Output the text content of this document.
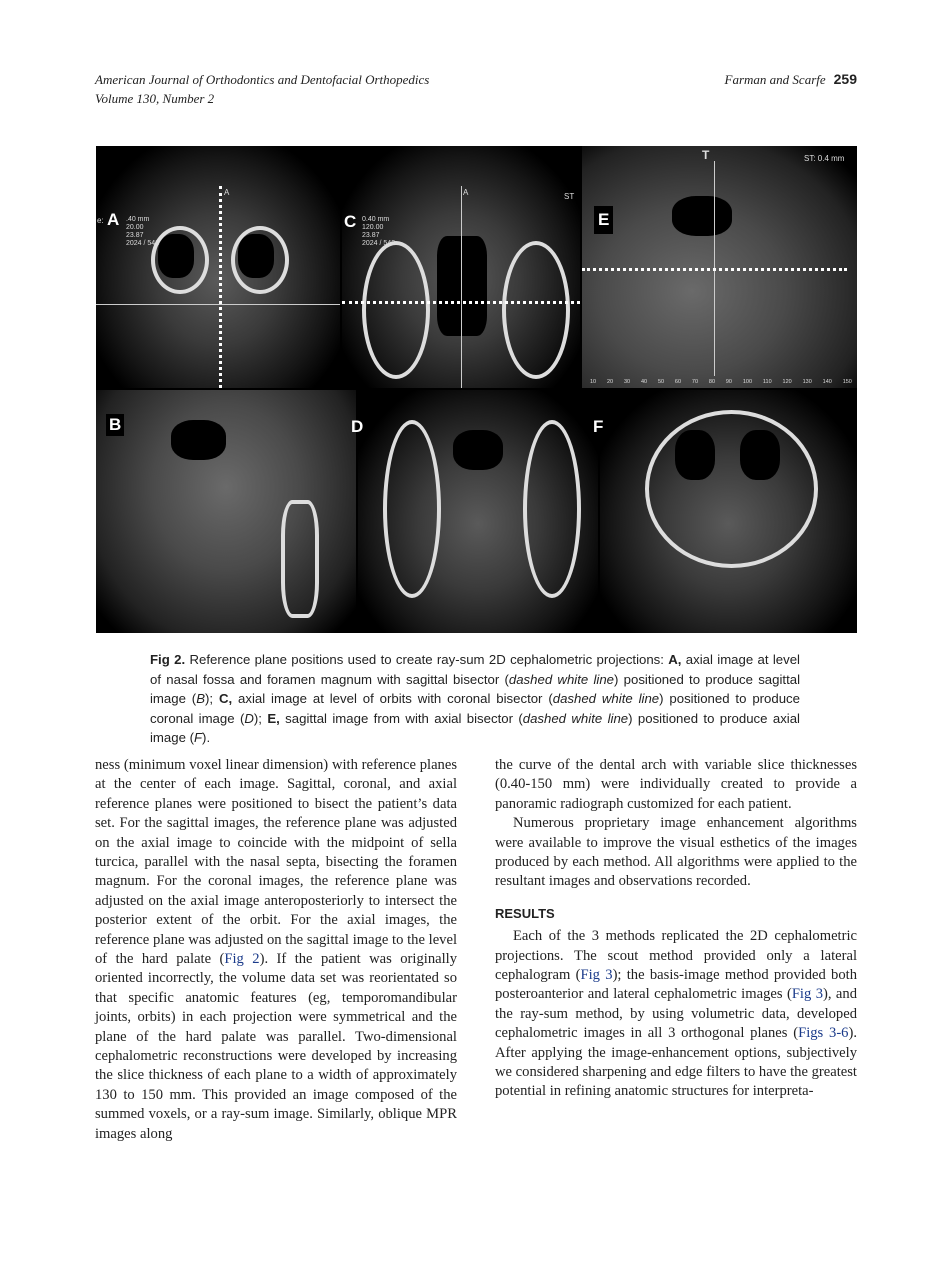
American Journal of Orthodontics and Dentofacial Orthopedics
Volume 130, Number 2
Farman and Scarfe 259
A
e: A .40 mm
20.00
23.87
2024 / 542
A	ST
C 0.40 mm
120.00
23.87
2024 / 542
T	ST: 0.4 mm
E
10 20 30 40 50 60 70 80 90 100 110 120 130 140 150
B	D	F
Fig 2. Reference plane positions used to create ray-sum 2D cephalometric projections: A, axial image at level of nasal fossa and foramen magnum with sagittal bisector (dashed white line) positioned to produce sagittal image (B); C, axial image at level of orbits with coronal bisector (dashed white line) positioned to produce coronal image (D); E, sagittal image from with axial bisector (dashed white line) positioned to produce axial image (F).

ness (minimum voxel linear dimension) with reference planes at the center of each image. Sagittal, coronal, and axial reference planes were positioned to bisect the patient’s data set. For the sagittal images, the reference plane was adjusted on the axial image to coincide with the midpoint of sella turcica, parallel with the nasal septa, bisecting the foramen magnum. For the coronal images, the reference plane was adjusted on the axial image anteroposteriorly to intersect the posterior extent of the orbit. For the axial images, the reference plane was adjusted on the sagittal image to the level of the hard palate (Fig 2). If the patient was originally oriented incorrectly, the volume data set was reorientated so that specific anatomic features (eg, temporomandibular joints, orbits) in each projection were symmetrical and the plane of the hard palate was parallel. Two-dimensional cephalometric reconstructions were developed by increasing the slice thickness of each plane to a width of approximately 130 to 150 mm. This provided an image composed of the summed voxels, or a ray-sum image. Similarly, oblique MPR images along

the curve of the dental arch with variable slice thicknesses (0.40-150 mm) were individually created to provide a panoramic radiograph customized for each patient.

Numerous proprietary image enhancement algorithms were available to improve the visual esthetics of the images produced by each method. All algorithms were applied to the resultant images and observations recorded.

RESULTS

Each of the 3 methods replicated the 2D cephalometric projections. The scout method provided only a lateral cephalogram (Fig 3); the basis-image method provided both posteroanterior and lateral cephalometric images (Fig 3), and the ray-sum method, by using volumetric data, developed cephalometric images in all 3 orthogonal planes (Figs 3-6). After applying the image-enhancement options, subjectively we considered sharpening and edge filters to have the greatest potential in refining anatomic structures for interpreta-
